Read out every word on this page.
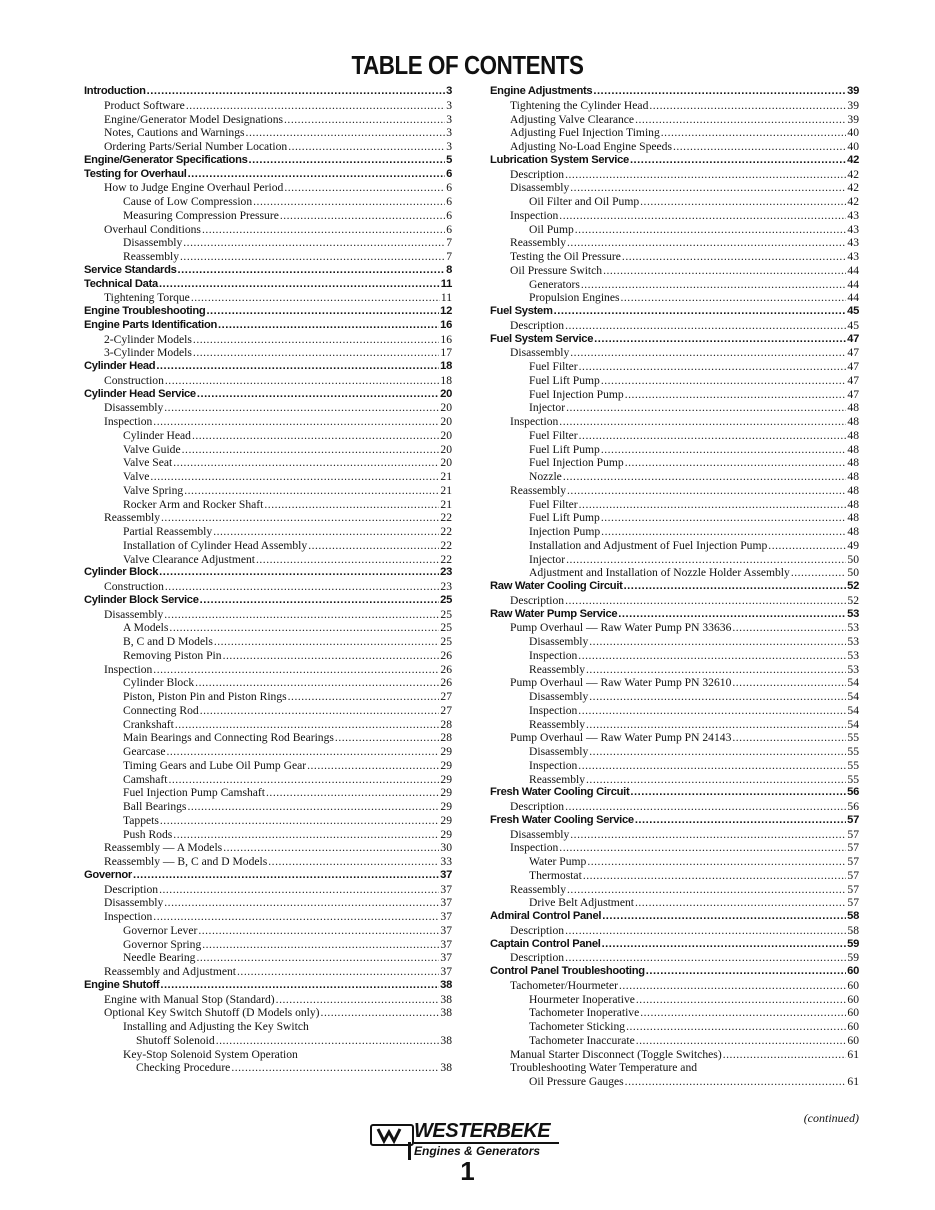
TABLE OF CONTENTS
Introduction .....	3
Product Software .....	3
Engine/Generator Model Designations .....	3
Notes, Cautions and Warnings .....	3
Ordering Parts/Serial Number Location .....	3
Engine/Generator Specifications .....	5
Testing for Overhaul .....	6
How to Judge Engine Overhaul Period .....	6
Cause of Low Compression .....	6
Measuring Compression Pressure .....	6
Overhaul Conditions .....	6
Disassembly .....	7
Reassembly .....	7
Service Standards .....	8
Technical Data .....	11
Tightening Torque .....	11
Engine Troubleshooting .....	12
Engine Parts Identification .....	16
2-Cylinder Models .....	16
3-Cylinder Models .....	17
Cylinder Head .....	18
Construction .....	18
Cylinder Head Service .....	20
Disassembly .....	20
Inspection .....	20
Cylinder Head .....	20
Valve Guide .....	20
Valve Seat .....	20
Valve .....	21
Valve Spring .....	21
Rocker Arm and Rocker Shaft .....	21
Reassembly .....	22
Partial Reassembly .....	22
Installation of Cylinder Head Assembly .....	22
Valve Clearance Adjustment .....	22
Cylinder Block .....	23
Construction .....	23
Cylinder Block Service .....	25
Disassembly .....	25
A Models .....	25
B, C and D Models .....	25
Removing Piston Pin .....	26
Inspection .....	26
Cylinder Block .....	26
Piston, Piston Pin and Piston Rings .....	27
Connecting Rod .....	27
Crankshaft .....	28
Main Bearings and Connecting Rod Bearings .....	28
Gearcase .....	29
Timing Gears and Lube Oil Pump Gear .....	29
Camshaft .....	29
Fuel Injection Pump Camshaft .....	29
Ball Bearings .....	29
Tappets .....	29
Push Rods .....	29
Reassembly — A Models .....	30
Reassembly — B, C and D Models .....	33
Governor .....	37
Description .....	37
Disassembly .....	37
Inspection .....	37
Governor Lever .....	37
Governor Spring .....	37
Needle Bearing .....	37
Reassembly and Adjustment .....	37
Engine Shutoff .....	38
Engine with Manual Stop (Standard) .....	38
Optional Key Switch Shutoff (D Models only) .....	38
Installing and Adjusting the Key Switch
Shutoff Solenoid .....	38
Key-Stop Solenoid System Operation
Checking Procedure .....	38
Engine Adjustments .....	39
Tightening the Cylinder Head .....	39
Adjusting Valve Clearance .....	39
Adjusting Fuel Injection Timing .....	40
Adjusting No-Load Engine Speeds .....	40
Lubrication System Service .....	42
Description .....	42
Disassembly .....	42
Oil Filter and Oil Pump .....	42
Inspection .....	43
Oil Pump .....	43
Reassembly .....	43
Testing the Oil Pressure .....	43
Oil Pressure Switch .....	44
Generators .....	44
Propulsion Engines .....	44
Fuel System .....	45
Description .....	45
Fuel System Service .....	47
Disassembly .....	47
Fuel Filter .....	47
Fuel Lift Pump .....	47
Fuel Injection Pump .....	47
Injector .....	48
Inspection .....	48
Fuel Filter .....	48
Fuel Lift Pump .....	48
Fuel Injection Pump .....	48
Nozzle .....	48
Reassembly .....	48
Fuel Filter .....	48
Fuel Lift Pump .....	48
Injection Pump .....	48
Installation and Adjustment of Fuel Injection Pump .....	49
Injector .....	50
Adjustment and Installation of Nozzle Holder Assembly .....	50
Raw Water Cooling Circuit .....	52
Description .....	52
Raw Water Pump Service .....	53
Pump Overhaul — Raw Water Pump PN 33636 .....	53
Disassembly .....	53
Inspection .....	53
Reassembly .....	53
Pump Overhaul — Raw Water Pump PN 32610 .....	54
Disassembly .....	54
Inspection .....	54
Reassembly .....	54
Pump Overhaul — Raw Water Pump PN 24143 .....	55
Disassembly .....	55
Inspection .....	55
Reassembly .....	55
Fresh Water Cooling Circuit .....	56
Description .....	56
Fresh Water Cooling Service .....	57
Disassembly .....	57
Inspection .....	57
Water Pump .....	57
Thermostat .....	57
Reassembly .....	57
Drive Belt Adjustment .....	57
Admiral Control Panel .....	58
Description .....	58
Captain Control Panel .....	59
Description .....	59
Control Panel Troubleshooting .....	60
Tachometer/Hourmeter .....	60
Hourmeter Inoperative .....	60
Tachometer Inoperative .....	60
Tachometer Sticking .....	60
Tachometer Inaccurate .....	60
Manual Starter Disconnect (Toggle Switches) .....	61
Troubleshooting Water Temperature and
Oil Pressure Gauges .....	61
(continued)
WESTERBEKE
Engines & Generators
1
